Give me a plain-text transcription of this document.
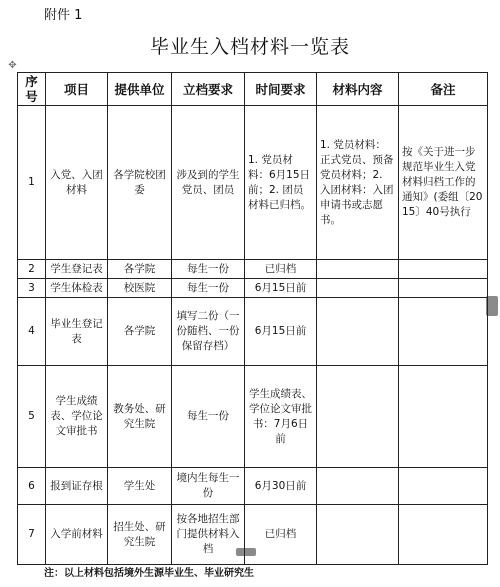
附件 1
毕业生入档材料一览表
✥
序号	项目	提供单位	立档要求	时间要求	材料内容	备注
1	入党、入团材料	各学院校团委	涉及到的学生党员、团员	1. 党员材料：6月15日前；2. 团员材料已归档。	1. 党员材料：正式党员、预备党员材料；2. 入团材料：入团申请书或志愿书。	按《关于进一步规范毕业生入党材料归档工作的通知》(委组〔2015〕40号执行
2	学生登记表	各学院	每生一份	已归档		
3	学生体检表	校医院	每生一份	6月15日前		
4	毕业生登记表	各学院	填写二份（一份随档、一份保留存档）	6月15日前		
5	学生成绩表、学位论文审批书	教务处、研究生院	每生一份	学生成绩表、学位论文审批书：7月6日前		
6	报到证存根	学生处	境内生每生一份	6月30日前		
7	入学前材料	招生处、研究生院	按各地招生部门提供材料入档	已归档		
注：以上材料包括境外生源毕业生、毕业研究生
